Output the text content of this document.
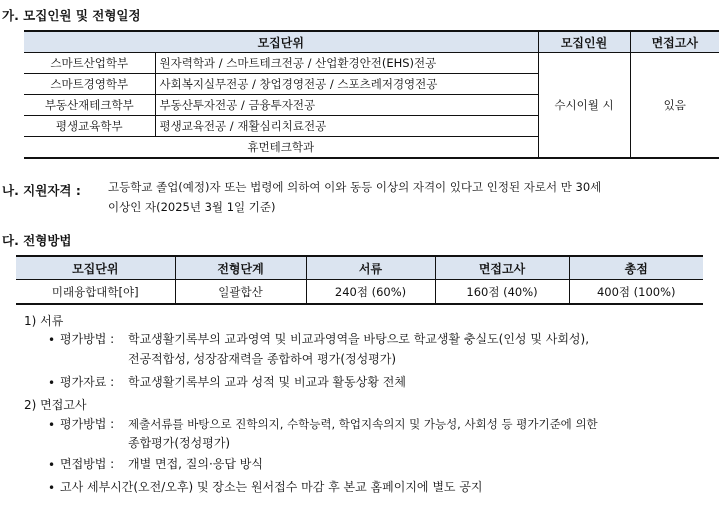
가. 모집인원 및 전형일정
모집단위		모집인원	면접고사
스마트산업학부	원자력학과 / 스마트테크전공 / 산업환경안전(EHS)전공	수시이월 시	있음
스마트경영학부	사회복지실무전공 / 창업경영전공 / 스포츠레저경영전공		
부동산재테크학부	부동산투자전공 / 금융투자전공		
평생교육학부	평생교육전공 / 재활심리치료전공		
휴먼테크학과			
나. 지원자격 : 고등학교 졸업(예정)자 또는 법령에 의하여 이와 동등 이상의 자격이 있다고 인정된 자로서 만 30세
이상인 자(2025년 3월 1일 기준)
다. 전형방법
모집단위	전형단계	서류	면접고사	총점
미래융합대학[야]	일괄합산	240점 (60%)	160점 (40%)	400점 (100%)
1) 서류
• 평가방법 : 학교생활기록부의 교과영역 및 비교과영역을 바탕으로 학교생활 충실도(인성 및 사회성),
전공적합성, 성장잠재력을 종합하여 평가(정성평가)
• 평가자료 : 학교생활기록부의 교과 성적 및 비교과 활동상황 전체
2) 면접고사
• 평가방법 : 제출서류를 바탕으로 진학의지, 수학능력, 학업지속의지 및 가능성, 사회성 등 평가기준에 의한
종합평가(정성평가)
• 면접방법 : 개별 면접, 질의·응답 방식
• 고사 세부시간(오전/오후) 및 장소는 원서접수 마감 후 본교 홈페이지에 별도 공지
